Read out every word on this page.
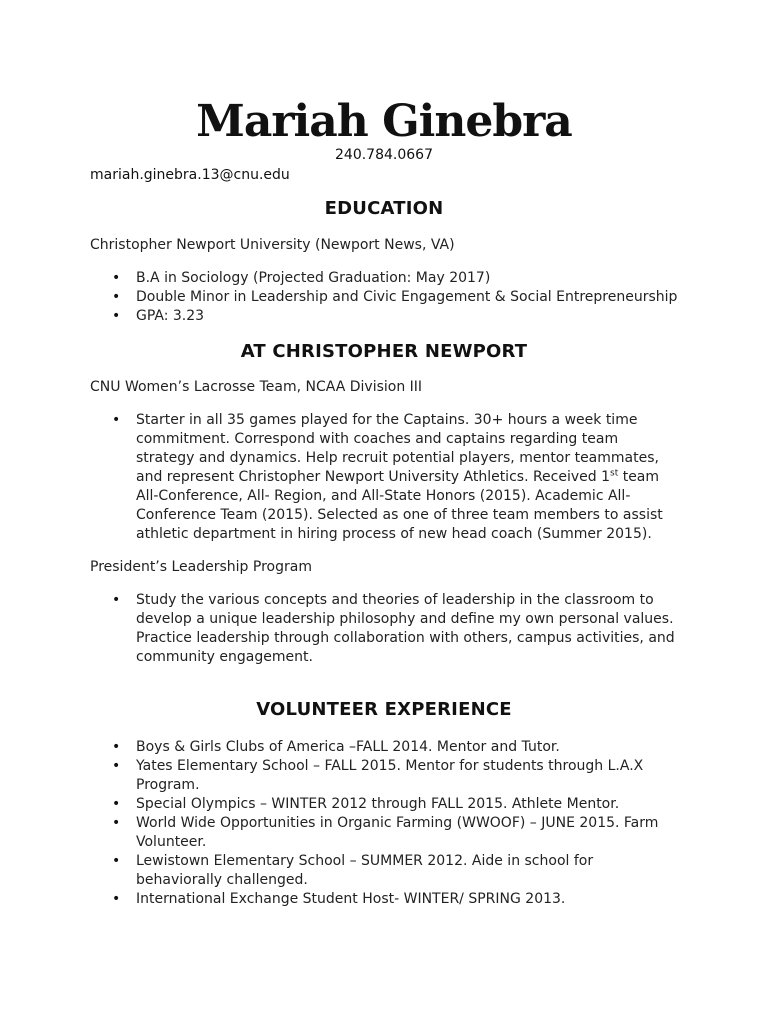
Mariah Ginebra
240.784.0667
mariah.ginebra.13@cnu.edu
EDUCATION
Christopher Newport University (Newport News, VA)
• B.A in Sociology (Projected Graduation: May 2017)
• Double Minor in Leadership and Civic Engagement & Social Entrepreneurship
• GPA: 3.23
AT CHRISTOPHER NEWPORT
CNU Women’s Lacrosse Team, NCAA Division III
• Starter in all 35 games played for the Captains. 30+ hours a week time commitment. Correspond with coaches and captains regarding team strategy and dynamics. Help recruit potential players, mentor teammates, and represent Christopher Newport University Athletics. Received 1st team All-Conference, All- Region, and All-State Honors (2015). Academic All-Conference Team (2015). Selected as one of three team members to assist athletic department in hiring process of new head coach (Summer 2015).
President’s Leadership Program
• Study the various concepts and theories of leadership in the classroom to develop a unique leadership philosophy and define my own personal values. Practice leadership through collaboration with others, campus activities, and community engagement.
VOLUNTEER EXPERIENCE
• Boys & Girls Clubs of America –FALL 2014. Mentor and Tutor.
• Yates Elementary School – FALL 2015. Mentor for students through L.A.X Program.
• Special Olympics – WINTER 2012 through FALL 2015. Athlete Mentor.
• World Wide Opportunities in Organic Farming (WWOOF) – JUNE 2015. Farm Volunteer.
• Lewistown Elementary School – SUMMER 2012. Aide in school for behaviorally challenged.
• International Exchange Student Host- WINTER/ SPRING 2013.
